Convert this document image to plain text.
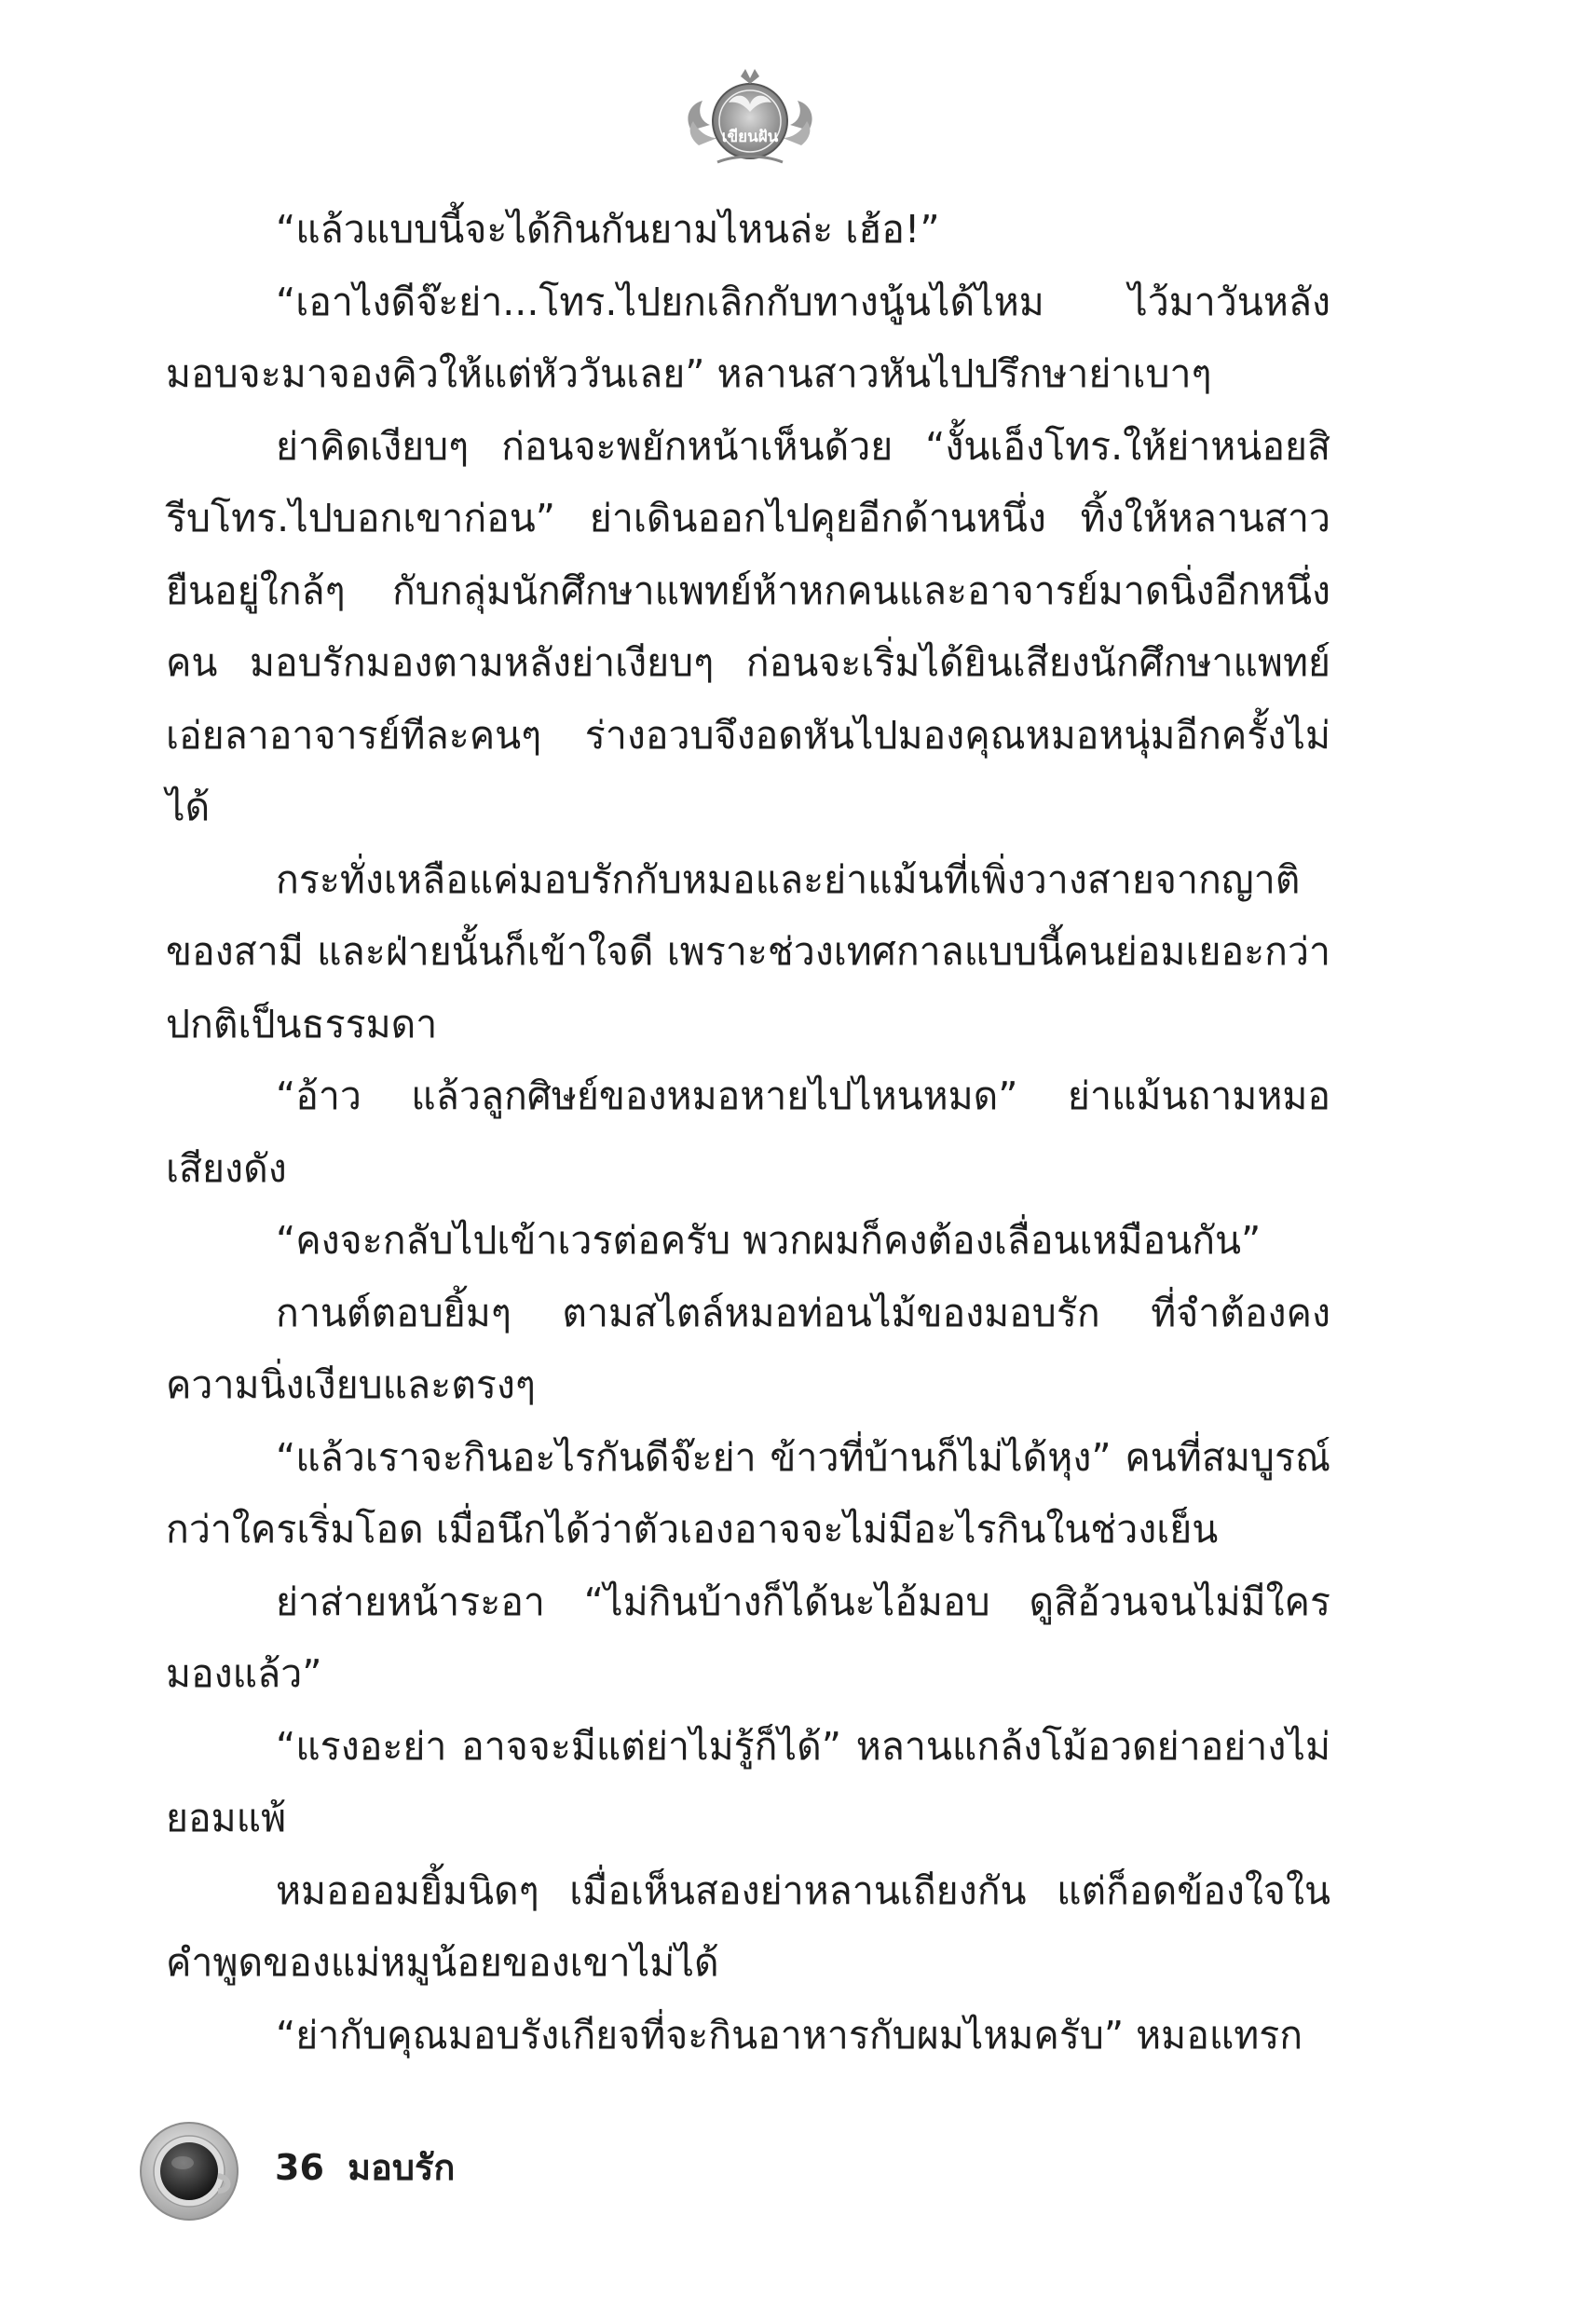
เขียนฝัน

“แล้วแบบนี้จะได้กินกันยามไหนล่ะ เฮ้อ!”

“เอาไงดีจ๊ะย่า...โทร.ไปยกเลิกกับทางนู้นได้ไหม ไว้มาวันหลังมอบจะมาจองคิวให้แต่หัววันเลย” หลานสาวหันไปปรึกษาย่าเบาๆ

ย่าคิดเงียบๆ ก่อนจะพยักหน้าเห็นด้วย “งั้นเอ็งโทร.ให้ย่าหน่อยสิรีบโทร.ไปบอกเขาก่อน” ย่าเดินออกไปคุยอีกด้านหนึ่ง ทิ้งให้หลานสาวยืนอยู่ใกล้ๆ กับกลุ่มนักศึกษาแพทย์ห้าหกคนและอาจารย์มาดนิ่งอีกหนึ่งคน มอบรักมองตามหลังย่าเงียบๆ ก่อนจะเริ่มได้ยินเสียงนักศึกษาแพทย์เอ่ยลาอาจารย์ทีละคนๆ ร่างอวบจึงอดหันไปมองคุณหมอหนุ่มอีกครั้งไม่ได้

กระทั่งเหลือแค่มอบรักกับหมอและย่าแม้นที่เพิ่งวางสายจากญาติของสามี และฝ่ายนั้นก็เข้าใจดี เพราะช่วงเทศกาลแบบนี้คนย่อมเยอะกว่าปกติเป็นธรรมดา

“อ้าว แล้วลูกศิษย์ของหมอหายไปไหนหมด” ย่าแม้นถามหมอเสียงดัง

“คงจะกลับไปเข้าเวรต่อครับ พวกผมก็คงต้องเลื่อนเหมือนกัน”

กานต์ตอบยิ้มๆ ตามสไตล์หมอท่อนไม้ของมอบรัก ที่จำต้องคงความนิ่งเงียบและตรงๆ

“แล้วเราจะกินอะไรกันดีจ๊ะย่า ข้าวที่บ้านก็ไม่ได้หุง” คนที่สมบูรณ์กว่าใครเริ่มโอด เมื่อนึกได้ว่าตัวเองอาจจะไม่มีอะไรกินในช่วงเย็น

ย่าส่ายหน้าระอา “ไม่กินบ้างก็ได้นะไอ้มอบ ดูสิอ้วนจนไม่มีใครมองแล้ว”

“แรงอะย่า อาจจะมีแต่ย่าไม่รู้ก็ได้” หลานแกล้งโม้อวดย่าอย่างไม่ยอมแพ้

หมอออมยิ้มนิดๆ เมื่อเห็นสองย่าหลานเถียงกัน แต่ก็อดข้องใจในคำพูดของแม่หมูน้อยของเขาไม่ได้

“ย่ากับคุณมอบรังเกียจที่จะกินอาหารกับผมไหมครับ” หมอแทรก

36 มอบรัก
